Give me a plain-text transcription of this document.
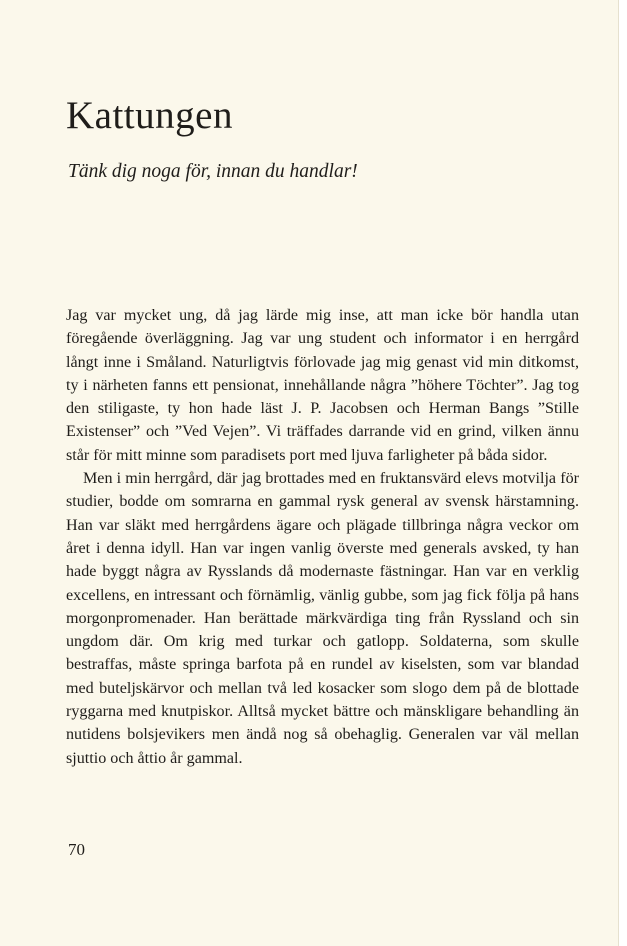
Kattungen

Tänk dig noga för, innan du handlar!

Jag var mycket ung, då jag lärde mig inse, att man icke bör handla utan föregående överläggning. Jag var ung student och informator i en herrgård långt inne i Småland. Naturligtvis förlovade jag mig genast vid min ditkomst, ty i närheten fanns ett pensionat, innehållande några ”höhere Töchter”. Jag tog den stiligaste, ty hon hade läst J. P. Jacobsen och Herman Bangs ”Stille Existenser” och ”Ved Vejen”. Vi träffades darrande vid en grind, vilken ännu står för mitt minne som paradisets port med ljuva farligheter på båda sidor.

Men i min herrgård, där jag brottades med en fruktansvärd elevs motvilja för studier, bodde om somrarna en gammal rysk general av svensk härstamning. Han var släkt med herrgårdens ägare och plägade tillbringa några veckor om året i denna idyll. Han var ingen vanlig överste med generals avsked, ty han hade byggt några av Rysslands då modernaste fästningar. Han var en verklig excellens, en intressant och förnämlig, vänlig gubbe, som jag fick följa på hans morgonpromenader. Han berättade märkvärdiga ting från Ryssland och sin ungdom där. Om krig med turkar och gatlopp. Soldaterna, som skulle bestraffas, måste springa barfota på en rundel av kiselsten, som var blandad med buteljskärvor och mellan två led kosacker som slogo dem på de blottade ryggarna med knutpiskor. Alltså mycket bättre och mänskligare behandling än nutidens bolsjevikers men ändå nog så obehaglig. Generalen var väl mellan sjuttio och åttio år gammal.

70
